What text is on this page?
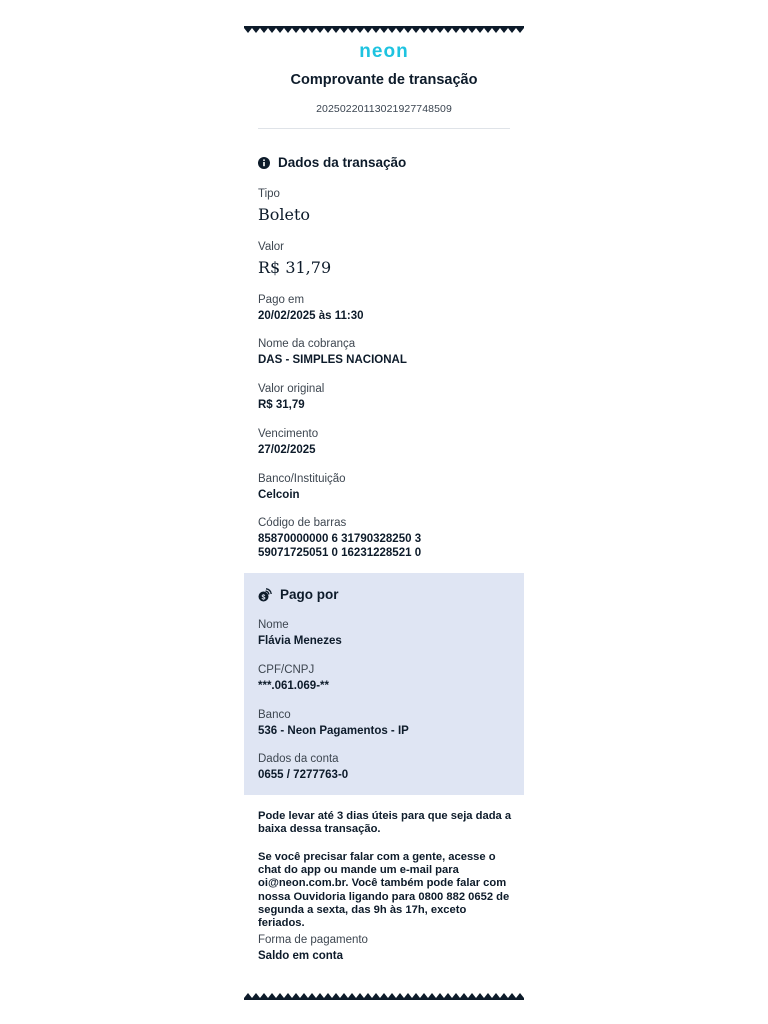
neon
Comprovante de transação
20250220113021927748509
Dados da transação
Tipo
Boleto
Valor
R$ 31,79
Pago em
20/02/2025 às 11:30
Nome da cobrança
DAS - SIMPLES NACIONAL
Valor original
R$ 31,79
Vencimento
27/02/2025
Banco/Instituição
Celcoin
Código de barras
85870000000 6 31790328250 3
59071725051 0 16231228521 0
$ Pago por
Nome
Flávia Menezes
CPF/CNPJ
***.061.069-**
Banco
536 - Neon Pagamentos - IP
Dados da conta
0655 / 7277763-0
Pode levar até 3 dias úteis para que seja dada a baixa dessa transação.
Se você precisar falar com a gente, acesse o chat do app ou mande um e-mail para oi@neon.com.br. Você também pode falar com nossa Ouvidoria ligando para 0800 882 0652 de segunda a sexta, das 9h às 17h, exceto feriados.
Forma de pagamento
Saldo em conta
